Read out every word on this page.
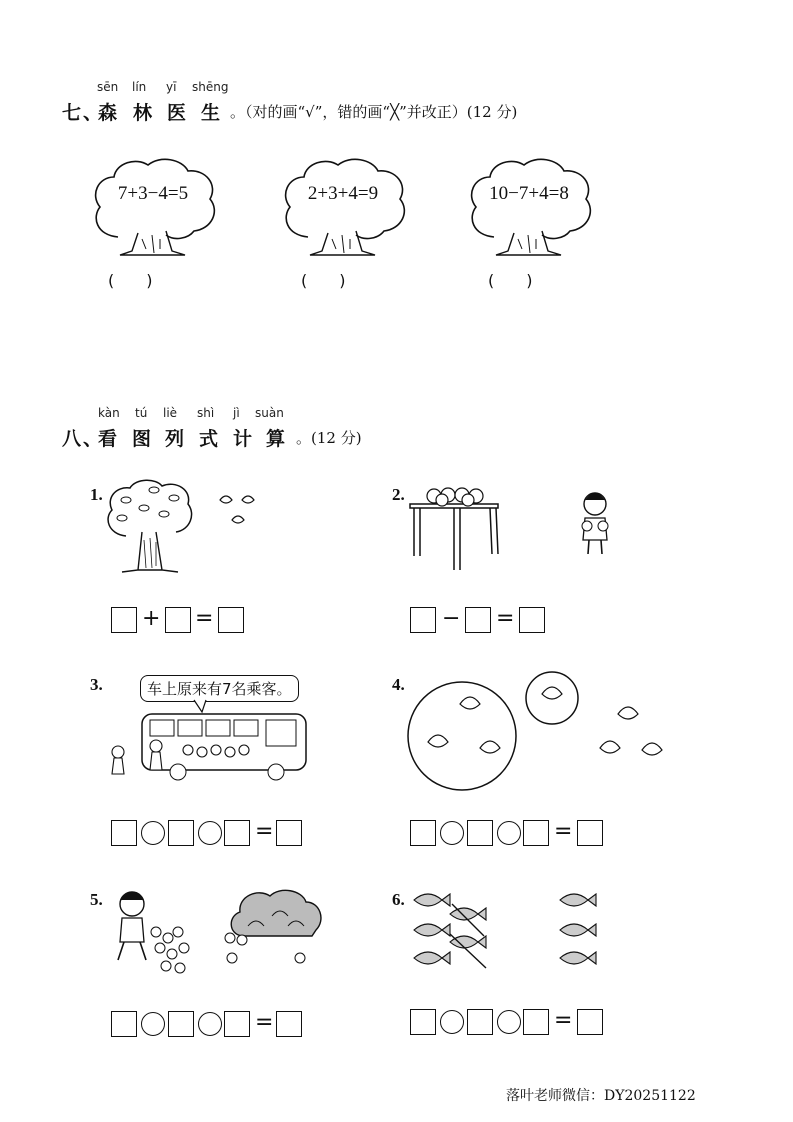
sēn lín yī shēng
七、
森 林 医 生 。（对的画“√”，错的画“╳”并改正）(12 分)
7+3−4=5	2+3+4=9	10−7+4=8
(　　)	(　　)	(　　)
kàn tú liè shì jì suàn
八、
看 图 列 式 计 算 。(12 分)
1.
+ =
2.
− =
3.	车上原来有7名乘客。
=
4.
=
5.
=
6.
=
落叶老师微信：DY20251122
